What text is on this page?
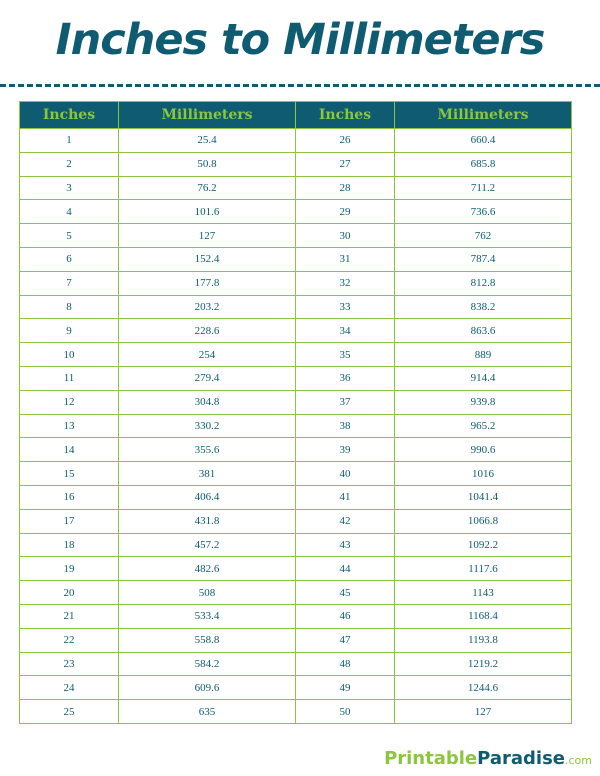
Inches to Millimeters
Inches	Millimeters	Inches	Millimeters
1	25.4	26	660.4
2	50.8	27	685.8
3	76.2	28	711.2
4	101.6	29	736.6
5	127	30	762
6	152.4	31	787.4
7	177.8	32	812.8
8	203.2	33	838.2
9	228.6	34	863.6
10	254	35	889
11	279.4	36	914.4
12	304.8	37	939.8
13	330.2	38	965.2
14	355.6	39	990.6
15	381	40	1016
16	406.4	41	1041.4
17	431.8	42	1066.8
18	457.2	43	1092.2
19	482.6	44	1117.6
20	508	45	1143
21	533.4	46	1168.4
22	558.8	47	1193.8
23	584.2	48	1219.2
24	609.6	49	1244.6
25	635	50	127
PrintableParadise.com
